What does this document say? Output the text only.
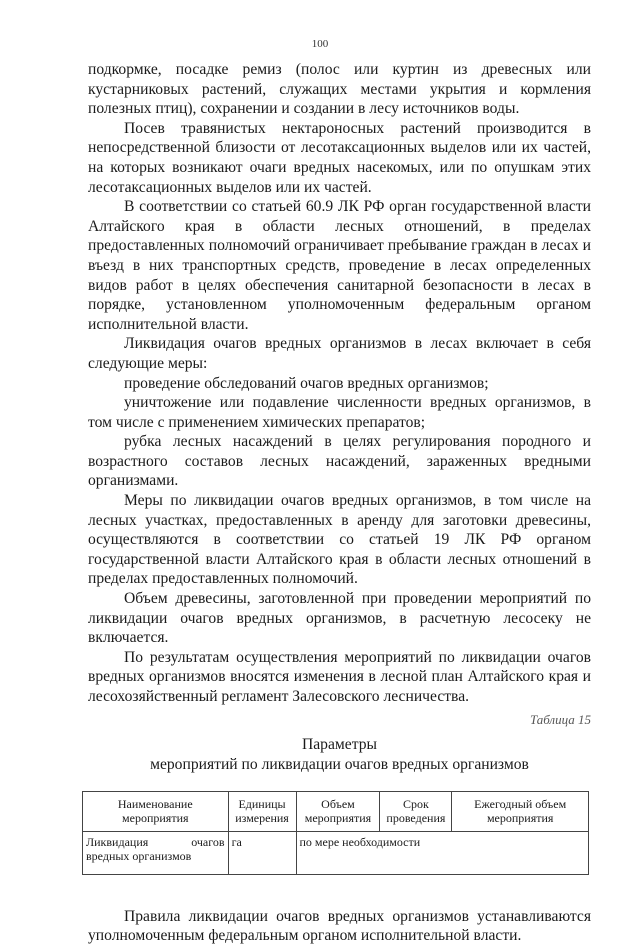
100

подкормке, посадке ремиз (полос или куртин из древесных или кустарниковых растений, служащих местами укрытия и кормления полезных птиц), сохранении и создании в лесу источников воды.

Посев травянистых нектароносных растений производится в непосредственной близости от лесотаксационных выделов или их частей, на которых возникают очаги вредных насекомых, или по опушкам этих лесотаксационных выделов или их частей.

В соответствии со статьей 60.9 ЛК РФ орган государственной власти Алтайского края в области лесных отношений, в пределах предоставленных полномочий ограничивает пребывание граждан в лесах и въезд в них транспортных средств, проведение в лесах определенных видов работ в целях обеспечения санитарной безопасности в лесах в порядке, установленном уполномоченным федеральным органом исполнительной власти.

Ликвидация очагов вредных организмов в лесах включает в себя следующие меры:

проведение обследований очагов вредных организмов;

уничтожение или подавление численности вредных организмов, в том числе с применением химических препаратов;

рубка лесных насаждений в целях регулирования породного и возрастного составов лесных насаждений, зараженных вредными организмами.

Меры по ликвидации очагов вредных организмов, в том числе на лесных участках, предоставленных в аренду для заготовки древесины, осуществляются в соответствии со статьей 19 ЛК РФ органом государственной власти Алтайского края в области лесных отношений в пределах предоставленных полномочий.

Объем древесины, заготовленной при проведении мероприятий по ликвидации очагов вредных организмов, в расчетную лесосеку не включается.

По результатам осуществления мероприятий по ликвидации очагов вредных организмов вносятся изменения в лесной план Алтайского края и лесохозяйственный регламент Залесовского лесничества.

Таблица 15
Параметры
мероприятий по ликвидации очагов вредных организмов
Наименование мероприятия	Единицы измерения	Объем мероприятия	Срок проведения	Ежегодный объем мероприятия
Ликвидация очагов вредных организмов	га	по мере необходимости		

Правила ликвидации очагов вредных организмов устанавливаются уполномоченным федеральным органом исполнительной власти.
